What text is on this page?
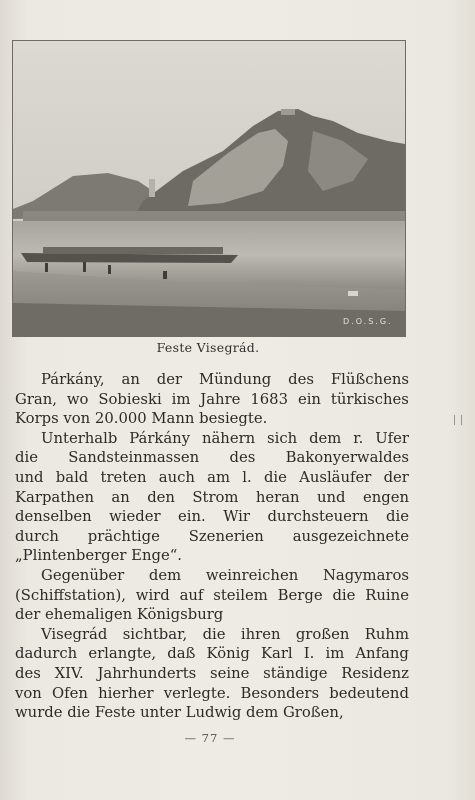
D.O.S.G.
Feste Visegrád.
Párkány, an der Mündung des Flüßchens
Gran, wo Sobieski im Jahre 1683 ein türkisches
Korps von 20.000 Mann besiegte.
Unterhalb Párkány nähern sich dem r. Ufer
die Sandsteinmassen des Bakonyerwaldes
und bald treten auch am l. die Ausläufer der
Karpathen an den Strom heran und engen
denselben wieder ein. Wir durchsteuern die
durch prächtige Szenerien ausgezeichnete
„Plintenberger Enge“.
Gegenüber dem weinreichen Nagymaros
(Schiffstation), wird auf steilem Berge die Ruine
der ehemaligen Königsburg
Visegrád sichtbar, die ihren großen Ruhm
dadurch erlangte, daß König Karl I. im Anfang
des XIV. Jahrhunderts seine ständige Residenz
von Ofen hierher verlegte. Besonders bedeutend
wurde die Feste unter Ludwig dem Großen,
— 77 —
